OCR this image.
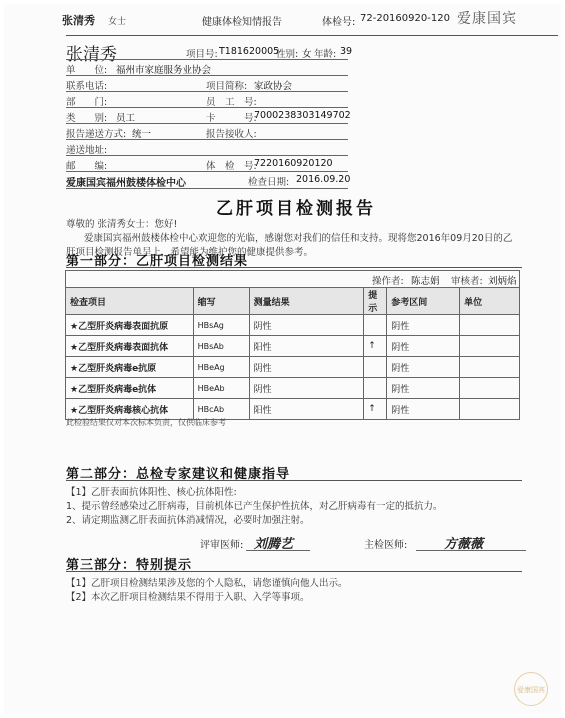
张清秀 女士	健康体检知情报告	体检号: 72-20160920-120 爱康国宾
张清秀	项目号: T181620005
性别: 女 年龄: 39
单　　位: 福州市家庭服务业协会
联系电话:	项目简称: 家政协会
部　　门:	员　工　号:
类　　别: 员工	卡　　　号:
7000238303149702
报告递送方式: 统一	报告接收人:
递送地址:
邮　　编:	体　检　号:
7220160920120
爱康国宾福州鼓楼体检中心	检查日期: 2016.09.20
乙肝项目检测报告
尊敬的 张清秀女士：您好!
爱康国宾福州鼓楼体检中心欢迎您的光临，感谢您对我们的信任和支持。现将您2016年09月20日的乙
肝项目检测报告单呈上，希望能为维护您的健康提供参考。
第一部分：乙肝项目检测结果
操作者: 陈志娟 审核者: 刘炳焰
检查项目	缩写	测量结果	提示	参考区间	单位
★乙型肝炎病毒表面抗原	HBsAg	阴性		阴性	
★乙型肝炎病毒表面抗体	HBsAb	阳性	↑	阴性	
★乙型肝炎病毒e抗原	HBeAg	阴性		阴性	
★乙型肝炎病毒e抗体	HBeAb	阴性		阴性	
★乙型肝炎病毒核心抗体	HBcAb	阳性	↑	阴性	
此检验结果仅对本次标本负责，仅供临床参考
第二部分：总检专家建议和健康指导
【1】乙肝表面抗体阳性、核心抗体阳性:
1、提示曾经感染过乙肝病毒，目前机体已产生保护性抗体，对乙肝病毒有一定的抵抗力。
2、请定期监测乙肝表面抗体消减情况，必要时加强注射。
评审医师: 刘腾艺	主检医师:	方薇薇
第三部分：特别提示
【1】乙肝项目检测结果涉及您的个人隐私，请您谨慎向他人出示。
【2】本次乙肝项目检测结果不得用于入职、入学等事项。
爱康国宾
